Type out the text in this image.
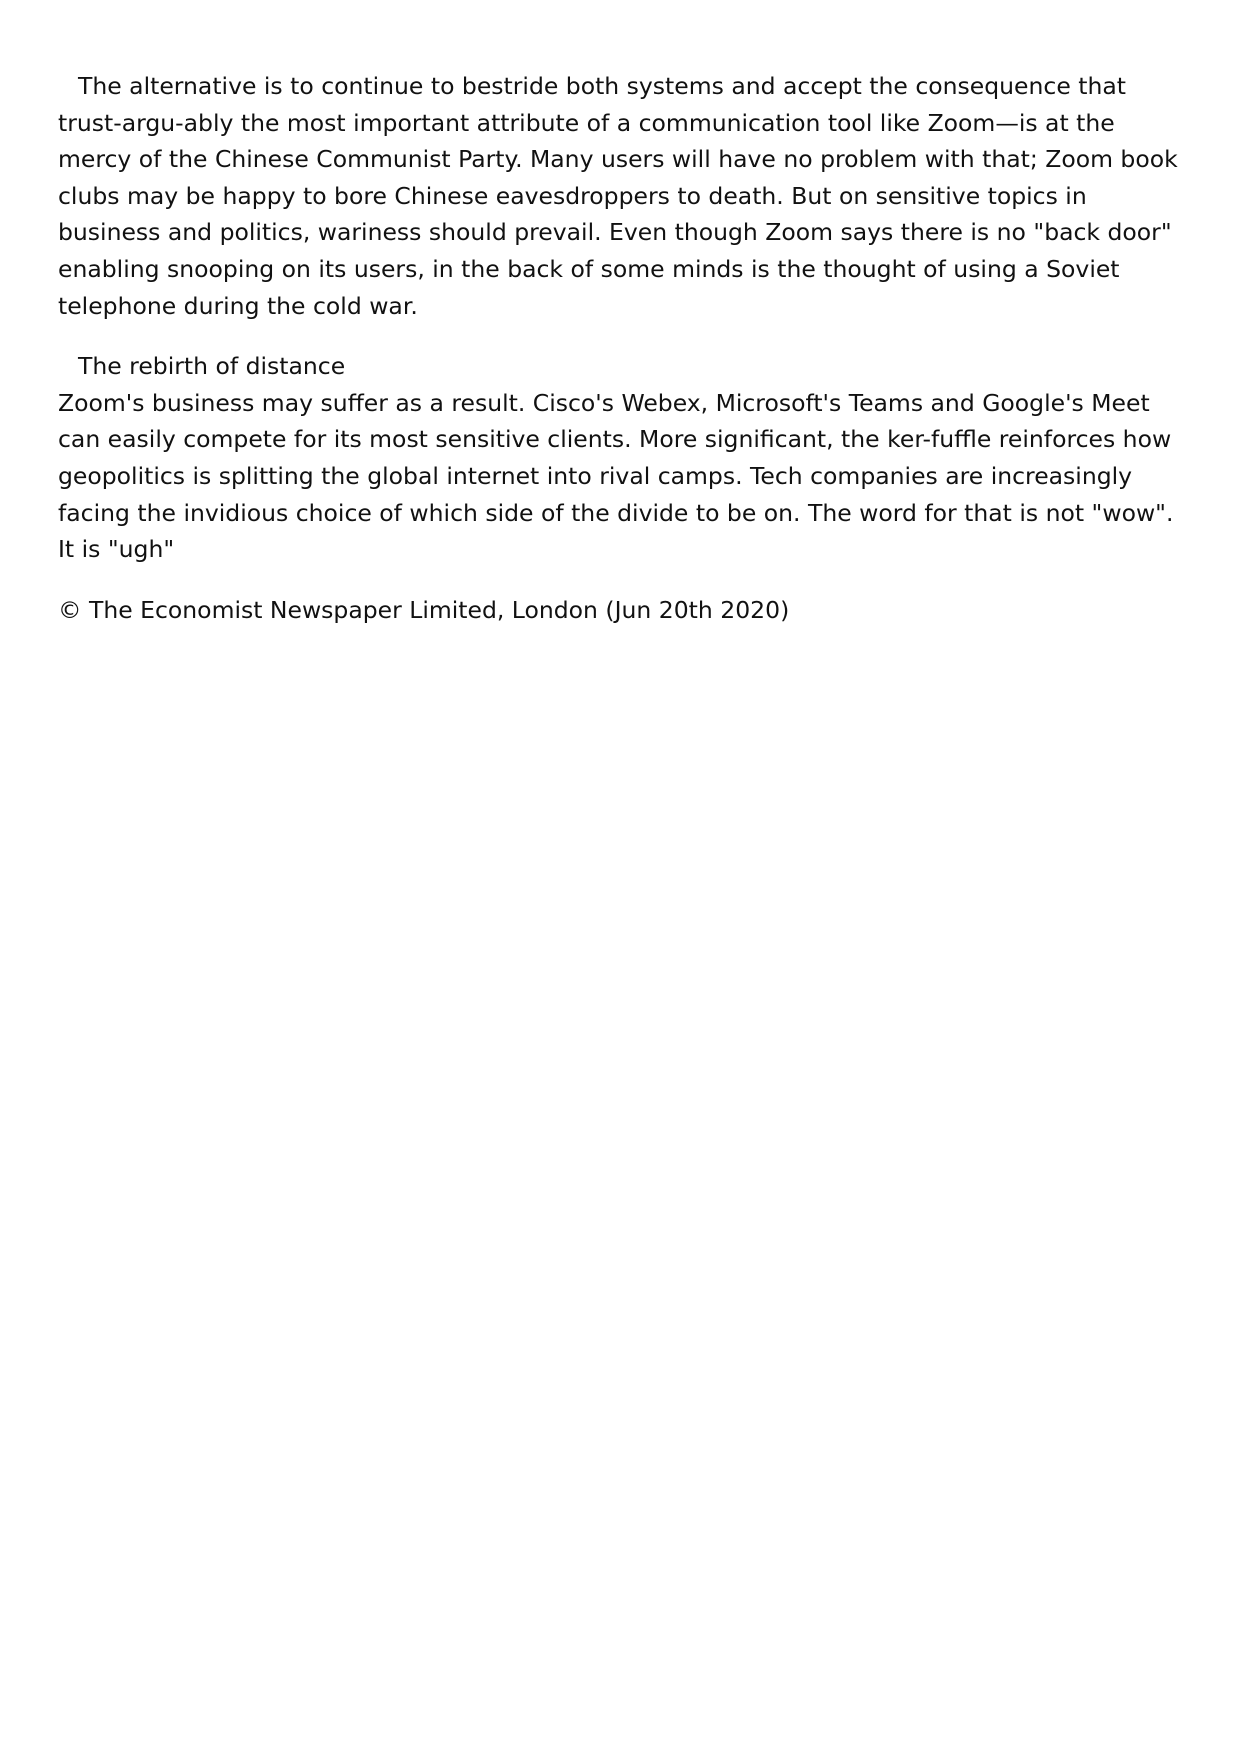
The alternative is to continue to bestride both systems and accept the consequence that trust-argu-ably the most important attribute of a communication tool like Zoom—is at the mercy of the Chinese Communist Party. Many users will have no problem with that; Zoom book clubs may be happy to bore Chinese eavesdroppers to death. But on sensitive topics in business and politics, wariness should prevail. Even though Zoom says there is no "back door" enabling snooping on its users, in the back of some minds is the thought of using a Soviet telephone during the cold war.

The rebirth of distance

Zoom's business may suffer as a result. Cisco's Webex, Microsoft's Teams and Google's Meet can easily compete for its most sensitive clients. More significant, the ker-fuffle reinforces how geopolitics is splitting the global internet into rival camps. Tech companies are increasingly facing the invidious choice of which side of the divide to be on. The word for that is not "wow". It is "ugh"

© The Economist Newspaper Limited, London (Jun 20th 2020)
